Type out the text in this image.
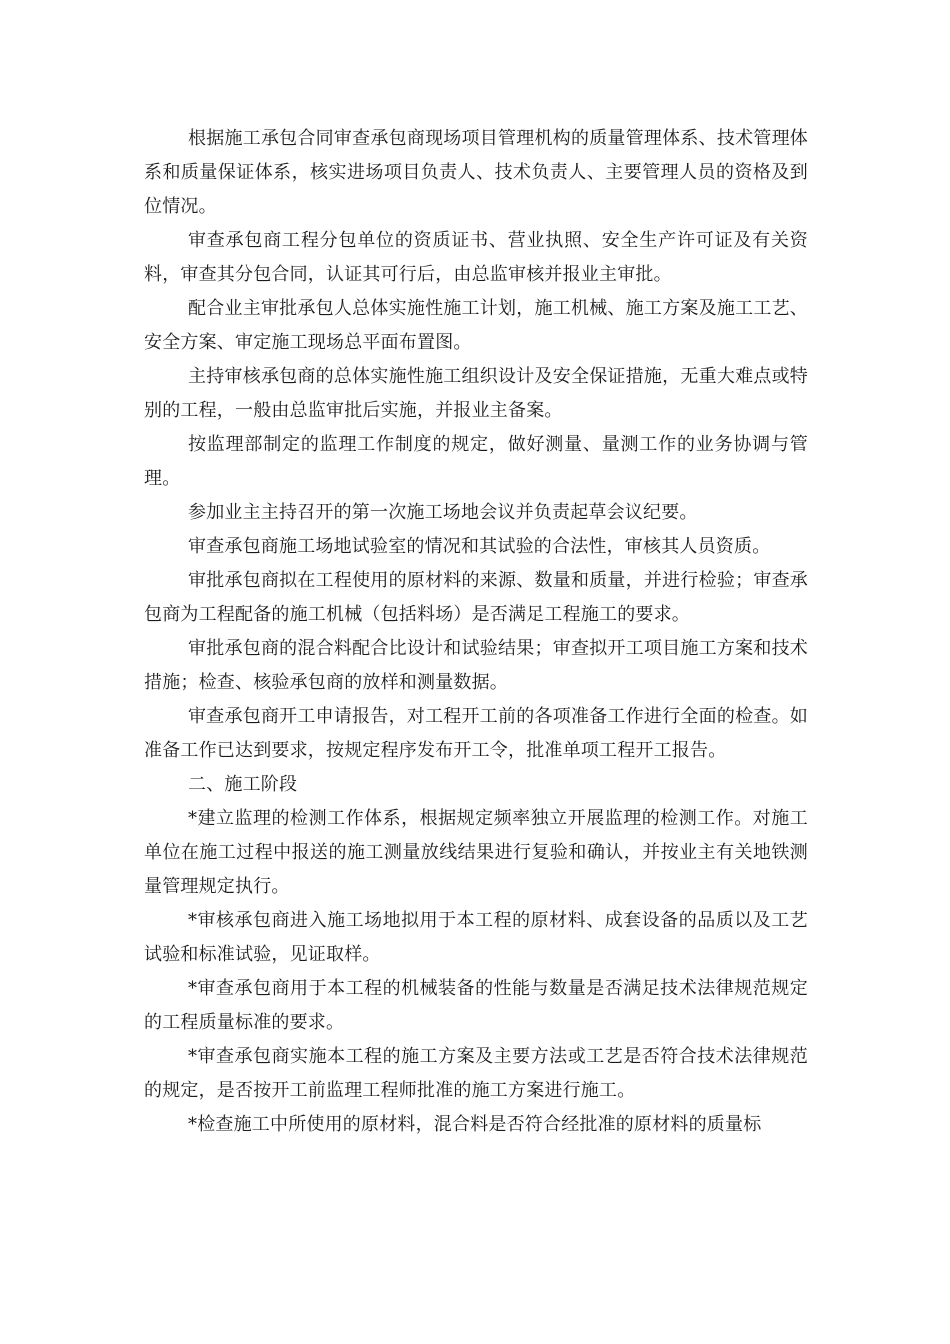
根据施工承包合同审查承包商现场项目管理机构的质量管理体系、技术管理体系和质量保证体系，核实进场项目负责人、技术负责人、主要管理人员的资格及到位情况。

审查承包商工程分包单位的资质证书、营业执照、安全生产许可证及有关资料，审查其分包合同，认证其可行后，由总监审核并报业主审批。

配合业主审批承包人总体实施性施工计划，施工机械、施工方案及施工工艺、安全方案、审定施工现场总平面布置图。

主持审核承包商的总体实施性施工组织设计及安全保证措施，无重大难点或特别的工程，一般由总监审批后实施，并报业主备案。

按监理部制定的监理工作制度的规定，做好测量、量测工作的业务协调与管理。

参加业主主持召开的第一次施工场地会议并负责起草会议纪要。

审查承包商施工场地试验室的情况和其试验的合法性，审核其人员资质。

审批承包商拟在工程使用的原材料的来源、数量和质量，并进行检验；审查承包商为工程配备的施工机械（包括料场）是否满足工程施工的要求。

审批承包商的混合料配合比设计和试验结果；审查拟开工项目施工方案和技术措施；检查、核验承包商的放样和测量数据。

审查承包商开工申请报告，对工程开工前的各项准备工作进行全面的检查。如准备工作已达到要求，按规定程序发布开工令，批准单项工程开工报告。

二、施工阶段

*建立监理的检测工作体系，根据规定频率独立开展监理的检测工作。对施工单位在施工过程中报送的施工测量放线结果进行复验和确认，并按业主有关地铁测量管理规定执行。

*审核承包商进入施工场地拟用于本工程的原材料、成套设备的品质以及工艺试验和标准试验，见证取样。

*审查承包商用于本工程的机械装备的性能与数量是否满足技术法律规范规定的工程质量标准的要求。

*审查承包商实施本工程的施工方案及主要方法或工艺是否符合技术法律规范的规定，是否按开工前监理工程师批准的施工方案进行施工。

*检查施工中所使用的原材料，混合料是否符合经批准的原材料的质量标
